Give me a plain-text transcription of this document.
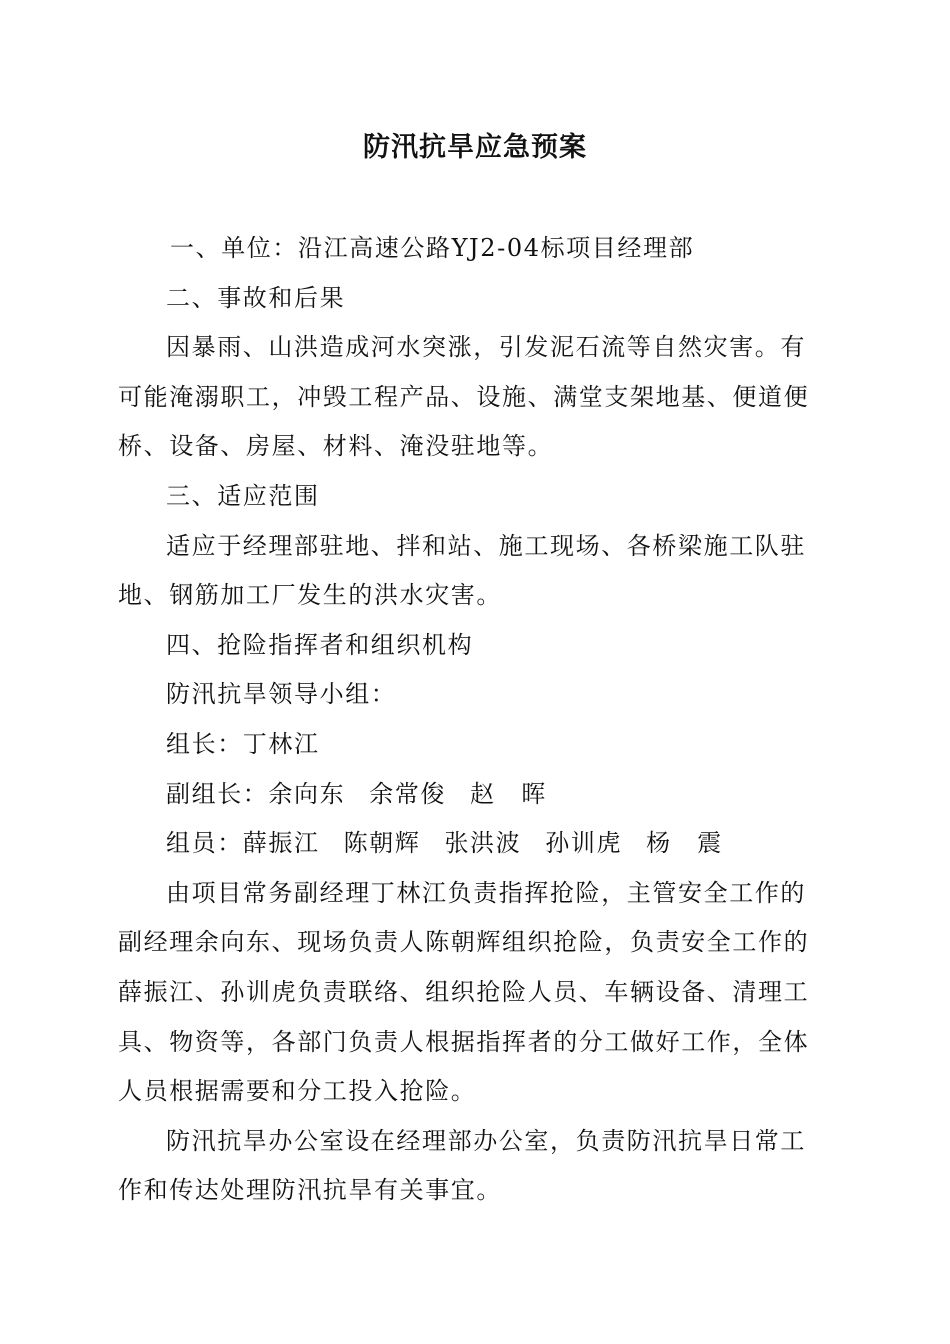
防汛抗旱应急预案

一、单位：沿江高速公路YJ2-04标项目经理部

二、事故和后果

因暴雨、山洪造成河水突涨，引发泥石流等自然灾害。有可能淹溺职工，冲毁工程产品、设施、满堂支架地基、便道便桥、设备、房屋、材料、淹没驻地等。

三、适应范围

适应于经理部驻地、拌和站、施工现场、各桥梁施工队驻地、钢筋加工厂发生的洪水灾害。

四、抢险指挥者和组织机构

防汛抗旱领导小组：

组长：丁林江

副组长：余向东 余常俊 赵　晖

组员：薛振江 陈朝辉 张洪波 孙训虎 杨　震

由项目常务副经理丁林江负责指挥抢险，主管安全工作的副经理余向东、现场负责人陈朝辉组织抢险，负责安全工作的薛振江、孙训虎负责联络、组织抢险人员、车辆设备、清理工具、物资等，各部门负责人根据指挥者的分工做好工作，全体人员根据需要和分工投入抢险。

防汛抗旱办公室设在经理部办公室，负责防汛抗旱日常工作和传达处理防汛抗旱有关事宜。
